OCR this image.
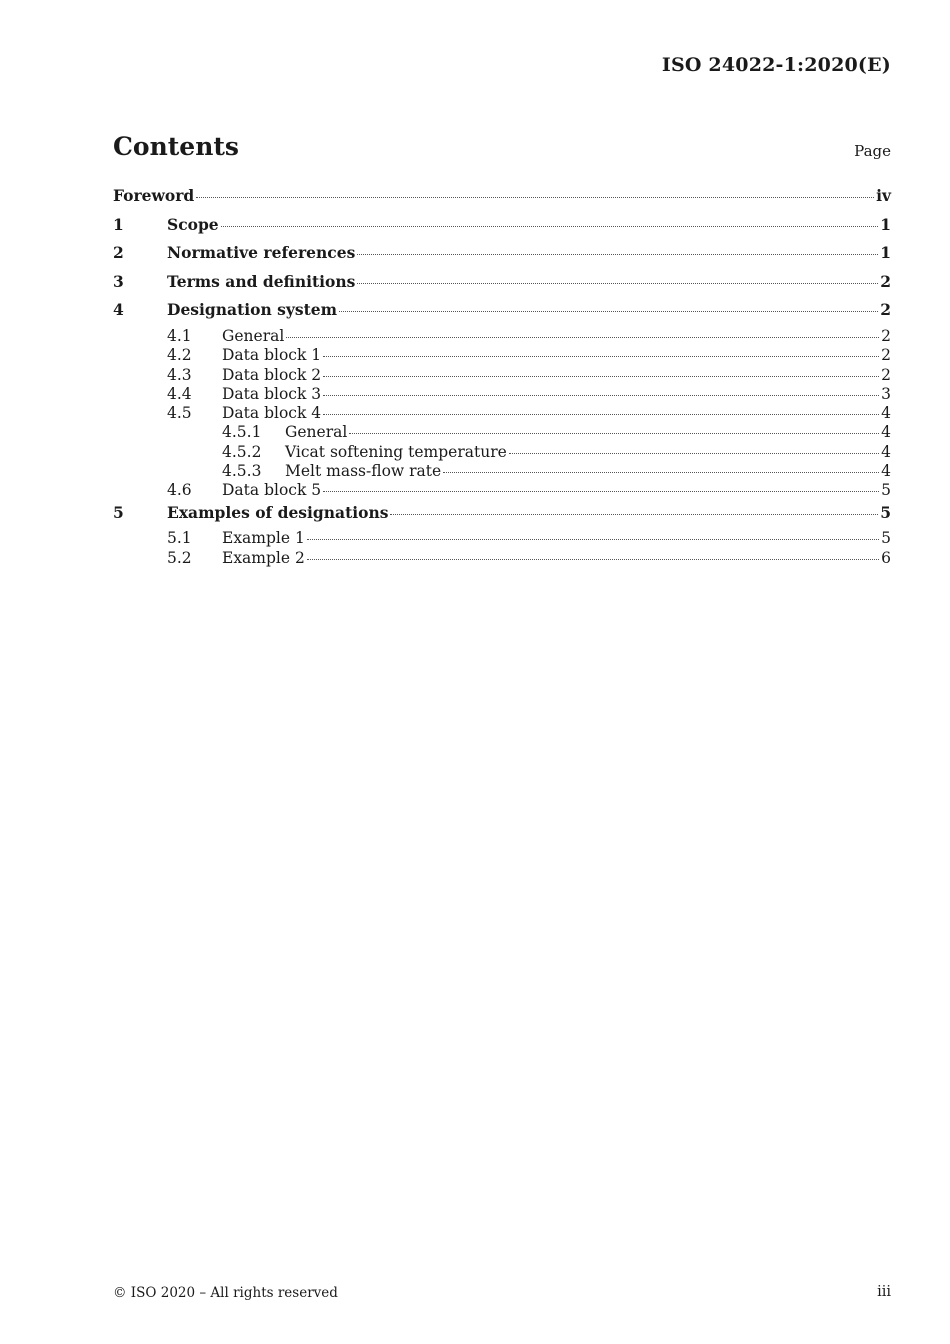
ISO 24022-1:2020(E)
Contents	Page
Foreword	iv
1	Scope	1
2	Normative references	1
3	Terms and definitions	2
4	Designation system	2
4.1	General	2
4.2	Data block 1	2
4.3	Data block 2	2
4.4	Data block 3	3
4.5	Data block 4	4
4.5.1	General	4
4.5.2	Vicat softening temperature	4
4.5.3	Melt mass-flow rate	4
4.6	Data block 5	5
5	Examples of designations	5
5.1	Example 1	5
5.2	Example 2	6
© ISO 2020 – All rights reserved	iii
